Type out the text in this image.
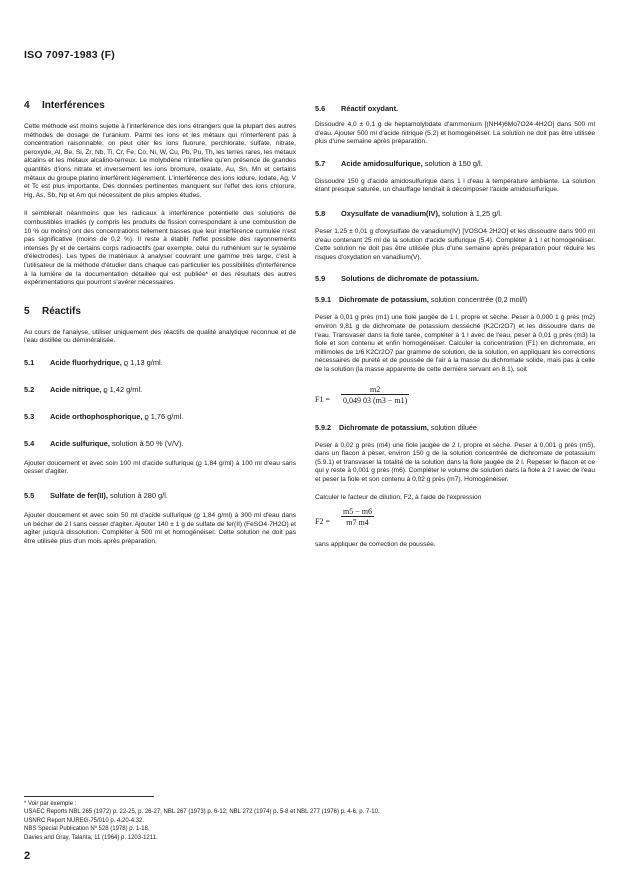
ISO 7097-1983 (F)
4 Interférences

Cette méthode est moins sujette à l'interférence des ions étrangers que la plupart des autres méthodes de dosage de l'uranium. Parmi les ions et les métaux qui n'interfèrent pas à concentration raisonnable, on peut citer les ions fluorure, perchlorate, sulfate, nitrate, peroxyde, Al, Be, Si, Zr, Nb, Ti, Cr, Fe, Co, Ni, W, Cu, Pb, Pu, Th, les terres rares, les métaux alcalins et les métaux alcalino-terreux. Le molybdène n'interfère qu'en présence de grandes quantités d'ions nitrate et inversement les ions bromure, oxalate, Au, Sn, Mn et certains métaux du groupe platino interfèrent légèrement. L'interférence des ions iodure, iodate, Ag, V et Tc est plus importante. Des données pertinentes manquent sur l'effet des ions chlorure, Hg, As, Sb, Np et Am qui nécessitent de plus amples études.

Il semblerait néanmoins que les radicaux à interférence potentielle des solutions de combustibles irradiés (y compris les produits de fission correspondant à une combustion de 10 % ou moins) ont des concentrations tellement basses que leur interférence cumulée n'est pas significative (moins de 0,2 %). Il reste à établir l'effet possible des rayonnements intenses βγ et de certains corps radioactifs (par exemple, celui du ruthénium sur le système d'électrodes). Les types de matériaux à analyser couvrant une gamme très large, c'est à l'utilisateur de la méthode d'étudier dans chaque cas particulier les possibilités d'interférence à la lumière de la documentation détaillée qui est publiée* et des résultats des autres expérimentations qui pourront s'avérer nécessaires.

5 Réactifs

Au cours de l'analyse, utiliser uniquement des réactifs de qualité analytique reconnue et de l'eau distillée ou déminéralisée.

5.1 Acide fluorhydrique, ϱ 1,13 g/ml.
5.2 Acide nitrique, ϱ 1,42 g/ml.
5.3 Acide orthophosphorique, ϱ 1,76 g/ml.
5.4 Acide sulfurique, solution à 50 % (V/V).

Ajouter doucement et avec soin 100 ml d'acide sulfurique (ϱ 1,84 g/ml) à 100 ml d'eau sans cesser d'agiter.

5.5 Sulfate de fer(II), solution à 280 g/l.

Ajouter doucement et avec soin 50 ml d'acide sulfurique (ϱ 1,84 g/ml) à 300 ml d'eau dans un bécher de 2 l sans cesser d'agiter. Ajouter 140 ± 1 g de sulfate de fer(II) (FeSO4·7H2O) et agiter jusqu'à dissolution. Compléter à 500 ml et homogénéiser. Cette solution ne doit pas être utilisée plus d'un mois après préparation.

5.6 Réactif oxydant.

Dissoudre 4,0 ± 0,1 g de heptamolybdate d'ammonium [(NH4)6Mo7O24·4H2O] dans 500 ml d'eau. Ajouter 500 ml d'acide nitrique (5.2) et homogénéiser. La solution ne doit pas être utilisée plus d'une semaine après préparation.

5.7 Acide amidosulfurique, solution à 150 g/l.

Dissoudre 150 g d'acide amidosulfurique dans 1 l d'eau à température ambiante. La solution étant presque saturée, un chauffage tendrait à décomposer l'acide amidosulfurique.

5.8 Oxysulfate de vanadium(IV), solution à 1,25 g/l.

Peser 1,25 ± 0,01 g d'oxysulfate de vanadium(IV) [VOSO4·2H2O] et les dissoudre dans 900 ml d'eau contenant 25 ml de la solution d'acide sulfurique (5.4). Compléter à 1 l et homogénéiser. Cette solution ne doit pas être utilisée plus d'une semaine après préparation pour réduire les risques d'oxydation en vanadium(V).

5.9 Solutions de dichromate de potassium.
5.9.1 Dichromate de potassium, solution concentrée (0,2 mol/l)

Peser à 0,01 g près (m1) une fiole jaugée de 1 l, propre et sèche. Peser à 0,000 1 g près (m2) environ 9,81 g de dichromate de potassium desséché (K2Cr2O7) et les dissoudre dans de l'eau. Transvaser dans la fiole tarée, compléter à 1 l avec de l'eau, peser à 0,01 g près (m3) la fiole et son contenu et enfin homogénéiser. Calculer la concentration (F1) en dichromate, en millimoles de 1/6 K2Cr2O7 par gramme de solution, de la solution, en appliquant les corrections nécessaires de pureté et de poussée de l'air à la masse du dichromate solide, mais pas à celle de la solution (la masse apparente de cette dernière servant en 8.1), soit

$F1 = \frac{m2}{0,049 03 (m3 - m1)}$
5.9.2 Dichromate de potassium, solution diluée

Peser à 0,02 g près (m4) une fiole jaugée de 2 l, propre et sèche. Peser à 0,001 g près (m5), dans un flacon à peser, environ 150 g de la solution concentrée de dichromate de potassium (5.9.1) et transvaser la totalité de la solution dans la fiole jaugée de 2 l. Repeser le flacon et ce qui y reste à 0,001 g près (m6). Compléter le volume de solution dans la fiole à 2 l avec de l'eau et peser la fiole et son contenu à 0,02 g près (m7). Homogénéiser.

Calculer le facteur de dilution, F2, à l'aide de l'expression

$F2 = \frac{m5 - m6}{m7 m4}$

sans appliquer de correction de poussée.

* Voir par exemple :

USAEC Reports NBL 265 (1972) p. 22-25, p. 26-27; NBL 267 (1973) p. 6-12; NBL 272 (1974) p. 5-8 et NBL 277 (1976) p. 4-6, p. 7-10.

USNRC Report NUREG-75/010 p. 4.20-4.32.

NBS Special Publication Nº 528 (1978) p. 1-18.

Davies and Gray, Talanta, 11 (1964) p. 1203-1211.

2
